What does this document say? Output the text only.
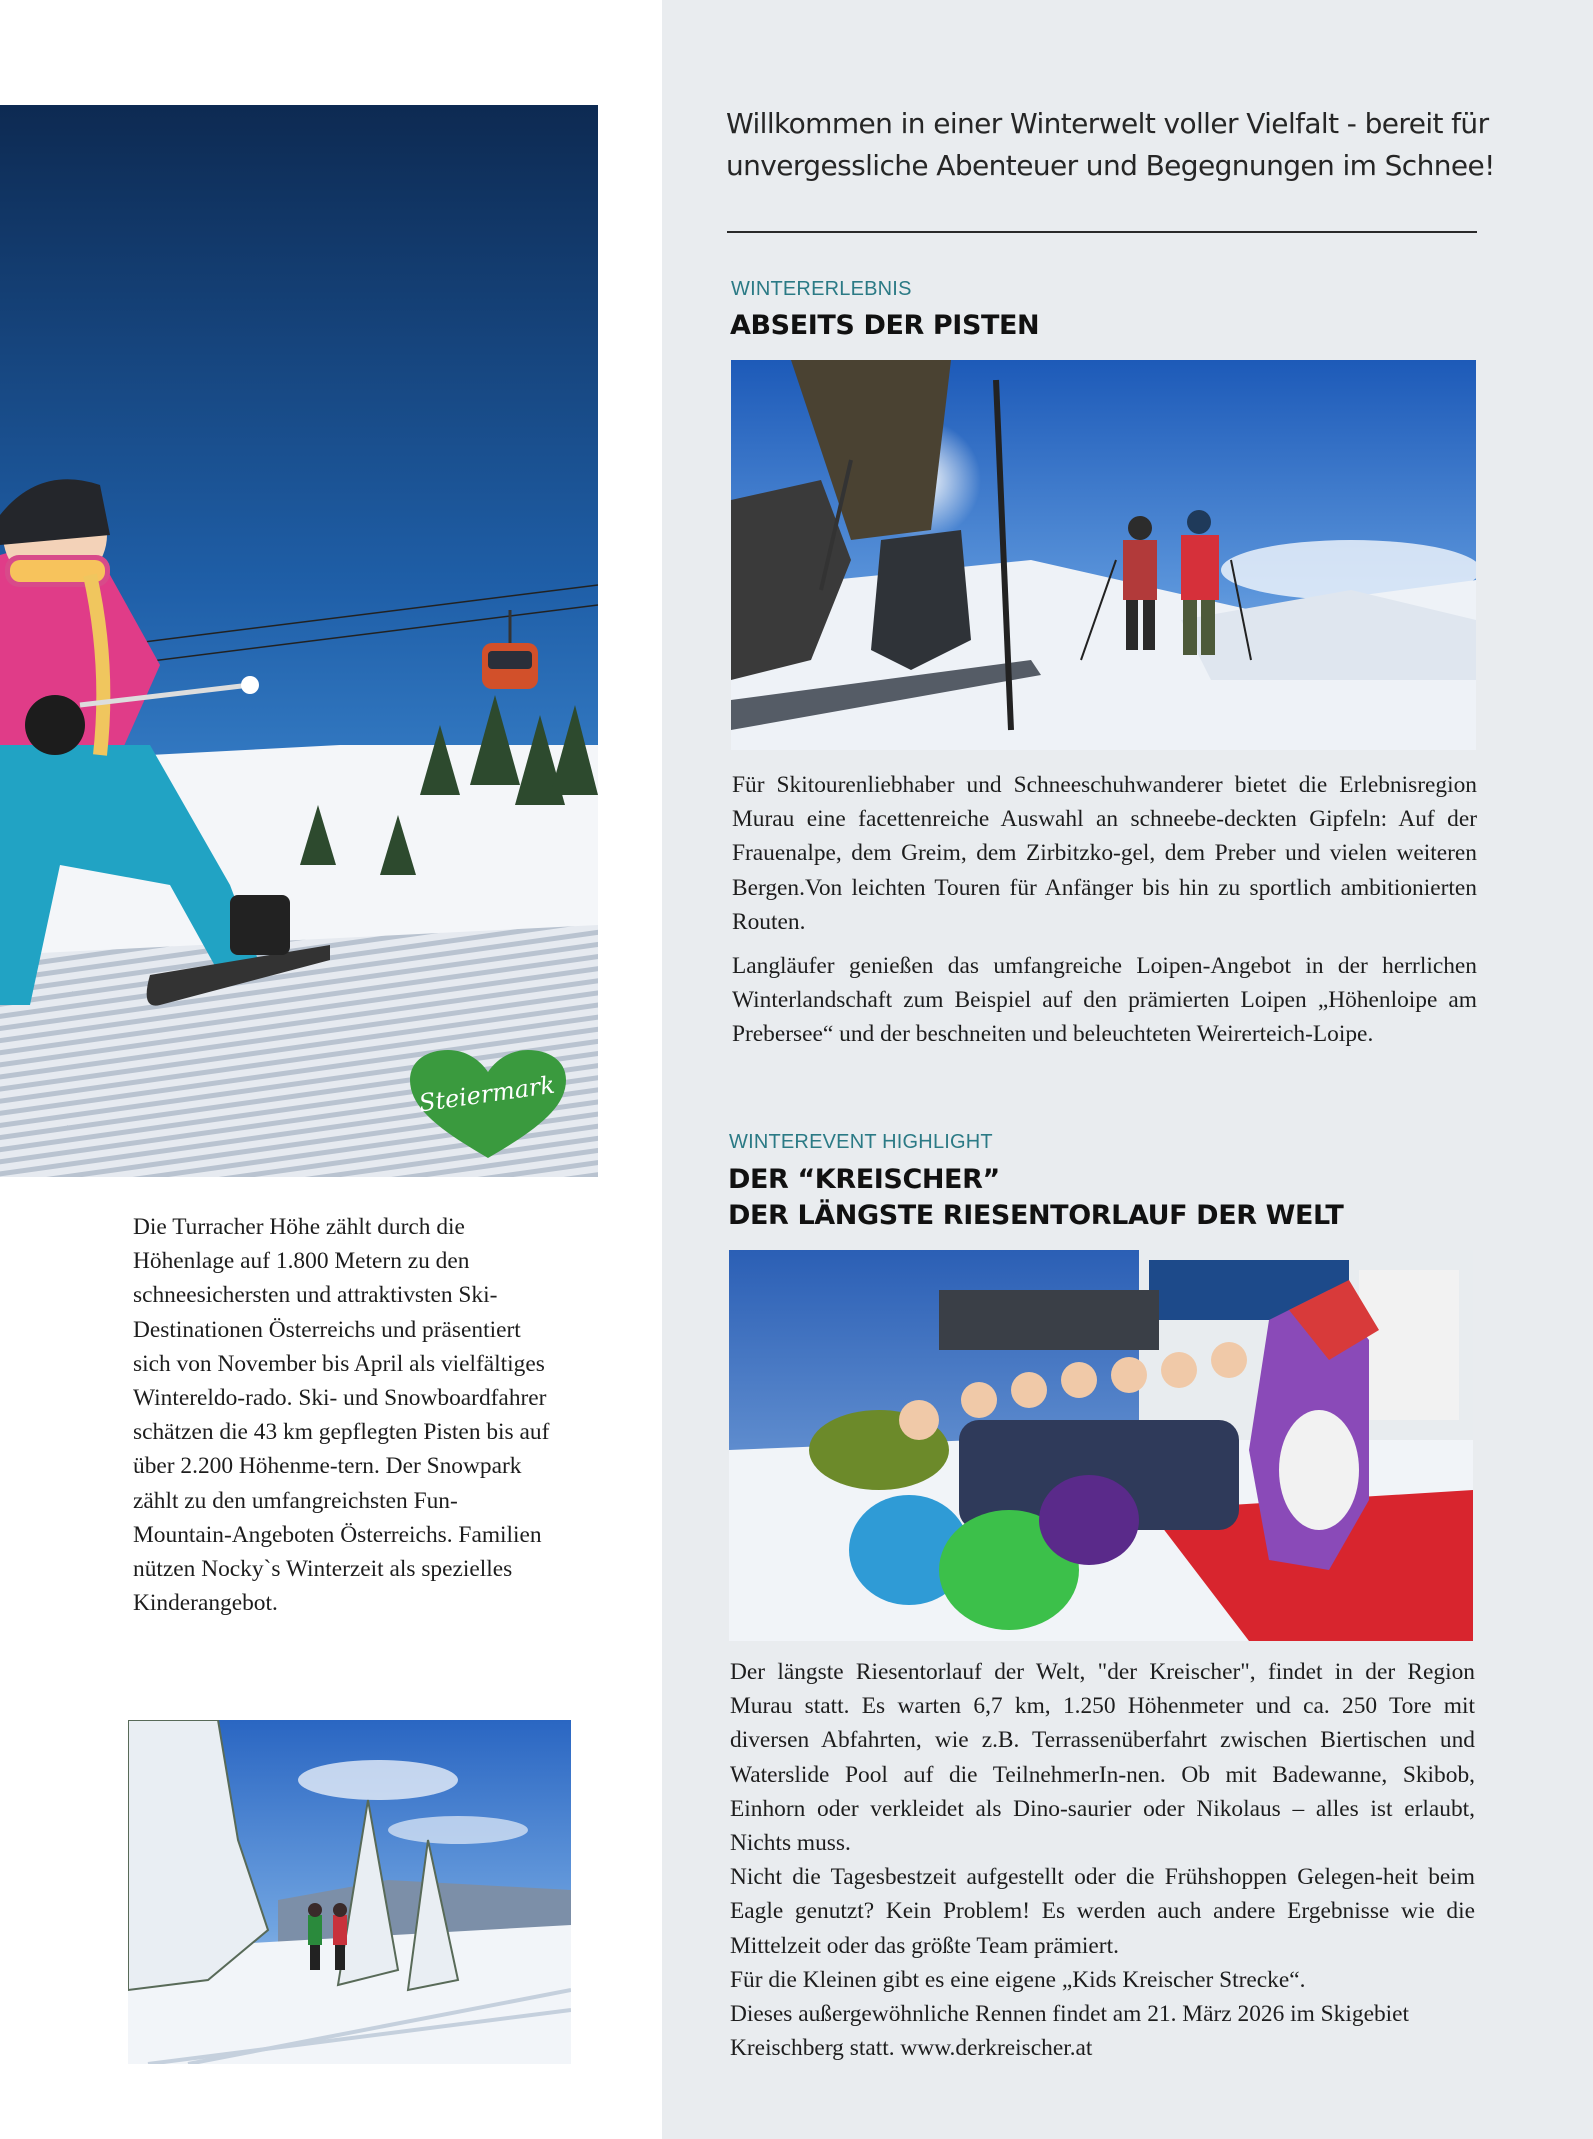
Steiermark
Die Turracher Höhe zählt durch die Höhenlage auf 1.800 Metern zu den schneesichersten und attraktivsten Ski-Destinationen Österreichs und präsentiert sich von November bis April als vielfältiges Wintereldo-rado. Ski- und Snowboardfahrer schätzen die 43 km gepflegten Pisten bis auf über 2.200 Höhenme-tern. Der Snowpark zählt zu den umfangreichsten Fun-Mountain-Angeboten Österreichs. Familien nützen Nocky`s Winterzeit als spezielles Kinderangebot.
Willkommen in einer Winterwelt voller Vielfalt - bereit für
unvergessliche Abenteuer und Begegnungen im Schnee!
WINTERERLEBNIS
ABSEITS DER PISTEN

Für Skitourenliebhaber und Schneeschuhwanderer bietet die Erlebnisregion Murau eine facettenreiche Auswahl an schneebe-deckten Gipfeln: Auf der Frauenalpe, dem Greim, dem Zirbitzko-gel, dem Preber und vielen weiteren Bergen.Von leichten Touren für Anfänger bis hin zu sportlich ambitionierten Routen.

Langläufer genießen das umfangreiche Loipen-Angebot in der herrlichen Winterlandschaft zum Beispiel auf den prämierten Loipen „Höhenloipe am Prebersee“ und der beschneiten und beleuchteten Weirerteich-Loipe.

WINTEREVENT HIGHLIGHT
DER “KREISCHER”
DER LÄNGSTE RIESENTORLAUF DER WELT
Der längste Riesentorlauf der Welt, "der Kreischer", findet in der Region Murau statt. Es warten 6,7 km, 1.250 Höhenmeter und ca. 250 Tore mit diversen Abfahrten, wie z.B. Terrassenüberfahrt zwischen Biertischen und Waterslide Pool auf die TeilnehmerIn-nen. Ob mit Badewanne, Skibob, Einhorn oder verkleidet als Dino-saurier oder Nikolaus – alles ist erlaubt, Nichts muss.
Nicht die Tagesbestzeit aufgestellt oder die Frühshoppen Gelegen-heit beim Eagle genutzt? Kein Problem! Es werden auch andere Ergebnisse wie die Mittelzeit oder das größte Team prämiert.
Für die Kleinen gibt es eine eigene „Kids Kreischer Strecke“.
Dieses außergewöhnliche Rennen findet am 21. März 2026 im Skigebiet Kreischberg statt. www.derkreischer.at
